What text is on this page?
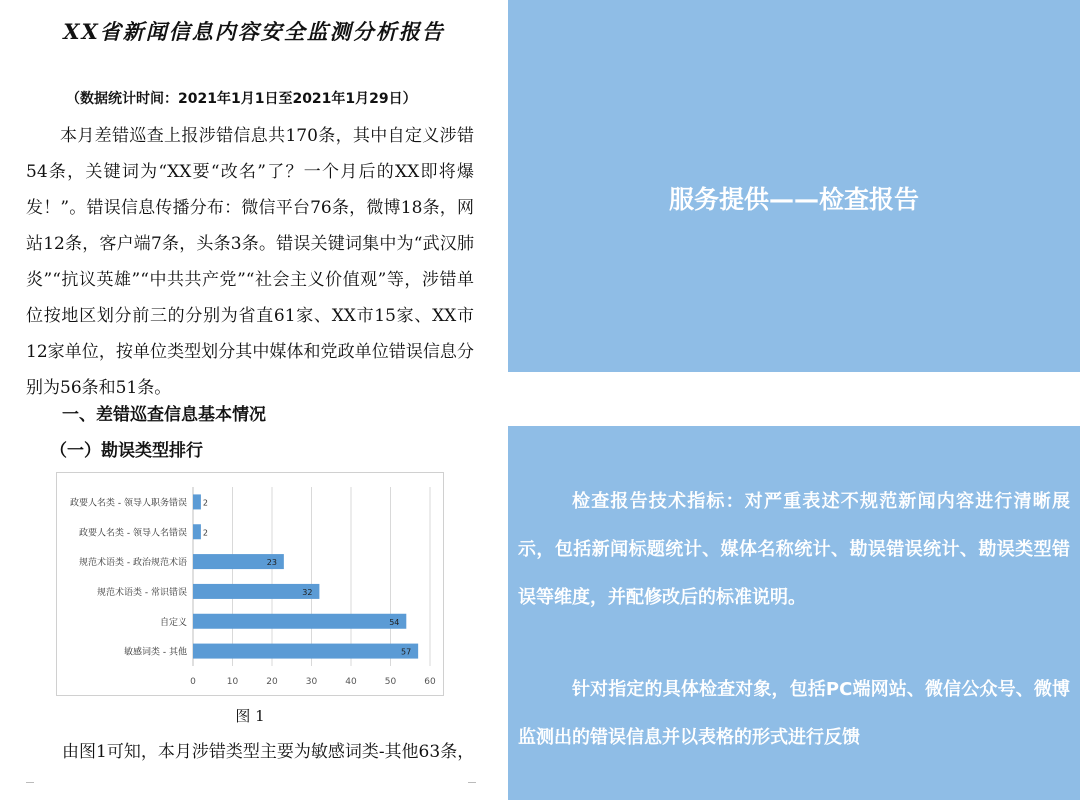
XX省新闻信息内容安全监测分析报告
（数据统计时间：2021年1月1日至2021年1月29日）

本月差错巡查上报涉错信息共170条，其中自定义涉错54条，关键词为“XX要“改名”了？一个月后的XX即将爆发！”。错误信息传播分布：微信平台76条，微博18条，网站12条，客户端7条，头条3条。错误关键词集中为“武汉肺炎”“抗议英雄”“中共共产党”“社会主义价值观”等，涉错单位按地区划分前三的分别为省直61家、XX市15家、XX市12家单位，按单位类型划分其中媒体和党政单位错误信息分别为56条和51条。

一、差错巡查信息基本情况
（一）勘误类型排行
0	10	20	30	40	50	60
政要人名类 - 领导人职务错误 2
政要人名类 - 领导人名错误 2
规范术语类 - 政治规范术语	23
规范术语类 - 常识错误	32
自定义	54
敏感词类 - 其他	57
图 1
由图1可知，本月涉错类型主要为敏感词类-其他63条，
服务提供——检查报告

检查报告技术指标：对严重表述不规范新闻内容进行清晰展示，包括新闻标题统计、媒体名称统计、勘误错误统计、勘误类型错误等维度，并配修改后的标准说明。

针对指定的具体检查对象，包括PC端网站、微信公众号、微博监测出的错误信息并以表格的形式进行反馈
